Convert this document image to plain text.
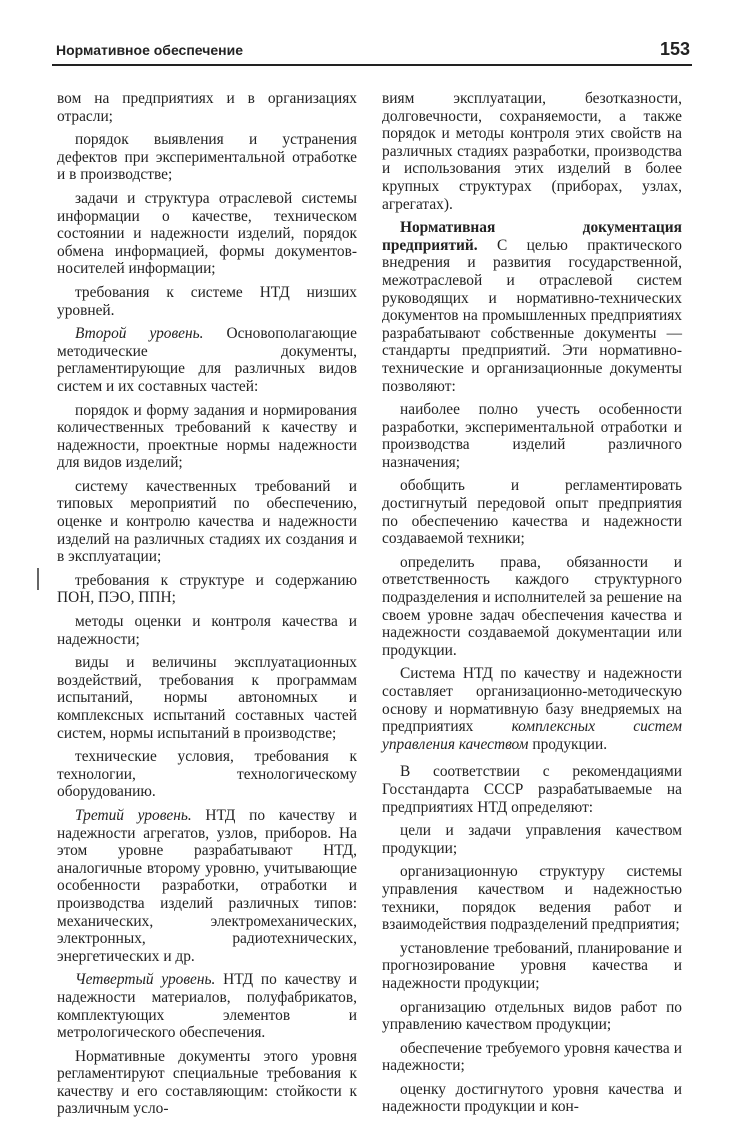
Нормативное обеспечение	153

вом на предприятиях и в организациях отрасли;

порядок выявления и устранения дефектов при экспериментальной отработке и в производстве;

задачи и структура отраслевой системы информации о качестве, техническом состоянии и надежности изделий, порядок обмена информацией, формы документов-носителей информации;

требования к системе НТД низших уровней.

Второй уровень. Основополагающие методические документы, регламентирующие для различных видов систем и их составных частей:

порядок и форму задания и нормирования количественных требований к качеству и надежности, проектные нормы надежности для видов изделий;

систему качественных требований и типовых мероприятий по обеспечению, оценке и контролю качества и надежности изделий на различных стадиях их создания и в эксплуатации;

требования к структуре и содержанию ПОН, ПЭО, ППН;

методы оценки и контроля качества и надежности;

виды и величины эксплуатационных воздействий, требования к программам испытаний, нормы автономных и комплексных испытаний составных частей систем, нормы испытаний в производстве;

технические условия, требования к технологии, технологическому оборудованию.

Третий уровень. НТД по качеству и надежности агрегатов, узлов, приборов. На этом уровне разрабатывают НТД, аналогичные второму уровню, учитывающие особенности разработки, отработки и производства изделий различных типов: механических, электромеханических, электронных, радиотехнических, энергетических и др.

Четвертый уровень. НТД по качеству и надежности материалов, полуфабрикатов, комплектующих элементов и метрологического обеспечения.

Нормативные документы этого уровня регламентируют специальные требования к качеству и его составляющим: стойкости к различным усло-

виям эксплуатации, безотказности, долговечности, сохраняемости, а также порядок и методы контроля этих свойств на различных стадиях разработки, производства и использования этих изделий в более крупных структурах (приборах, узлах, агрегатах).

Нормативная документация предприятий. С целью практического внедрения и развития государственной, межотраслевой и отраслевой систем руководящих и нормативно-технических документов на промышленных предприятиях разрабатывают собственные документы — стандарты предприятий. Эти нормативно-технические и организационные документы позволяют:

наиболее полно учесть особенности разработки, экспериментальной отработки и производства изделий различного назначения;

обобщить и регламентировать достигнутый передовой опыт предприятия по обеспечению качества и надежности создаваемой техники;

определить права, обязанности и ответственность каждого структурного подразделения и исполнителей за решение на своем уровне задач обеспечения качества и надежности создаваемой документации или продукции.

Система НТД по качеству и надежности составляет организационно-методическую основу и нормативную базу внедряемых на предприятиях комплексных систем управления качеством продукции.

В соответствии с рекомендациями Госстандарта СССР разрабатываемые на предприятиях НТД определяют:

цели и задачи управления качеством продукции;

организационную структуру системы управления качеством и надежностью техники, порядок ведения работ и взаимодействия подразделений предприятия;

установление требований, планирование и прогнозирование уровня качества и надежности продукции;

организацию отдельных видов работ по управлению качеством продукции;

обеспечение требуемого уровня качества и надежности;

оценку достигнутого уровня качества и надежности продукции и кон-
